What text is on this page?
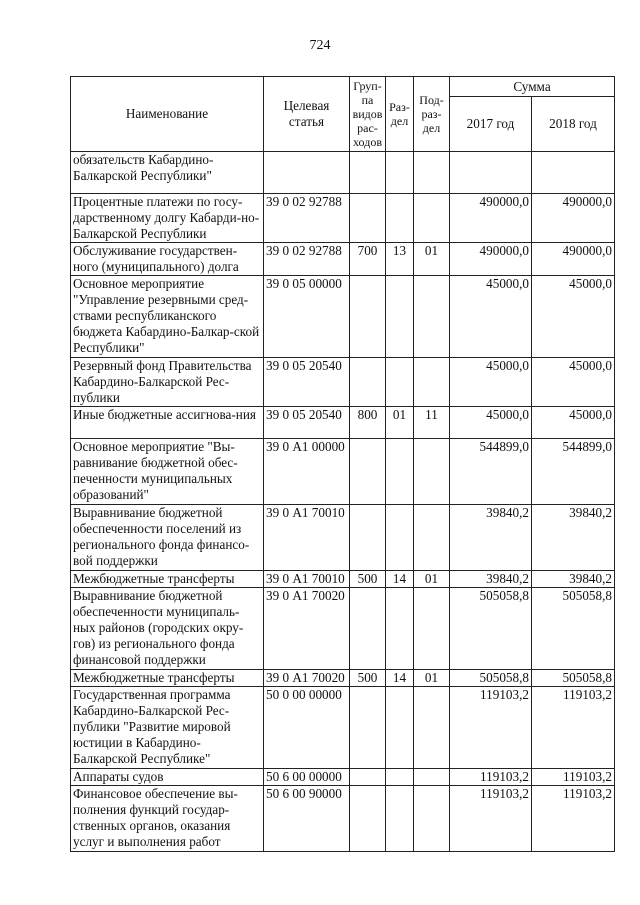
724
Наименование	Целевая статья	Груп-па видов рас-ходов	Раз-дел	Под-раз-дел	Сумма	
					2017 год	2018 год
обязательств Кабардино-Балкарской Республики"						
Процентные платежи по госу-дарственному долгу Кабарди-но-Балкарской Республики	39 0 02 92788				490000,0	490000,0
Обслуживание государствен-ного (муниципального) долга	39 0 02 92788	700	13	01	490000,0	490000,0
Основное мероприятие "Управление резервными сред-ствами республиканского бюджета Кабардино-Балкар-ской Республики"	39 0 05 00000				45000,0	45000,0
Резервный фонд Правительства Кабардино-Балкарской Рес-публики	39 0 05 20540				45000,0	45000,0
Иные бюджетные ассигнова-ния	39 0 05 20540	800	01	11	45000,0	45000,0
Основное мероприятие "Вы-равнивание бюджетной обес-печенности муниципальных образований"	39 0 А1 00000				544899,0	544899,0
Выравнивание бюджетной обеспеченности поселений из регионального фонда финансо-вой поддержки	39 0 А1 70010				39840,2	39840,2
Межбюджетные трансферты	39 0 А1 70010	500	14	01	39840,2	39840,2
Выравнивание бюджетной обеспеченности муниципаль-ных районов (городских окру-гов) из регионального фонда финансовой поддержки	39 0 А1 70020				505058,8	505058,8
Межбюджетные трансферты	39 0 А1 70020	500	14	01	505058,8	505058,8
Государственная программа Кабардино-Балкарской Рес-публики "Развитие мировой юстиции в Кабардино-Балкарской Республике"	50 0 00 00000				119103,2	119103,2
Аппараты судов	50 6 00 00000				119103,2	119103,2
Финансовое обеспечение вы-полнения функций государ-ственных органов, оказания услуг и выполнения работ	50 6 00 90000				119103,2	119103,2
